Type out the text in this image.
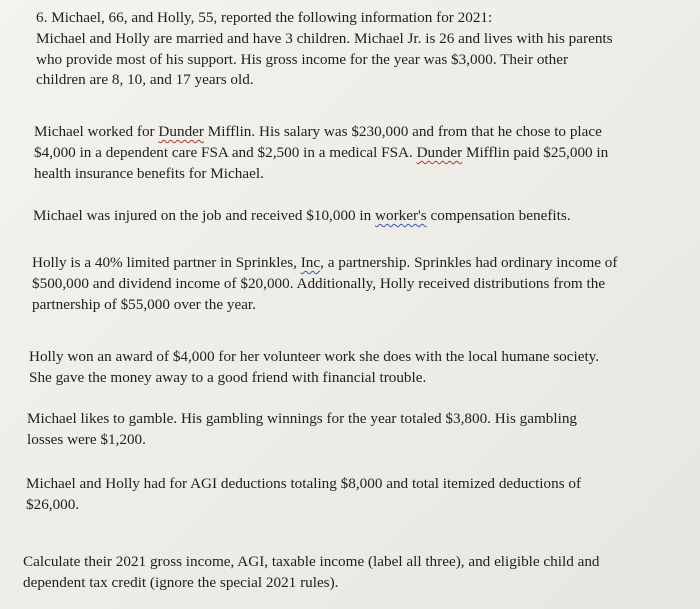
6. Michael, 66, and Holly, 55, reported the following information for 2021:
Michael and Holly are married and have 3 children. Michael Jr. is 26 and lives with his parents
who provide most of his support. His gross income for the year was $3,000. Their other
children are 8, 10, and 17 years old.

Michael worked for Dunder Mifflin. His salary was $230,000 and from that he chose to place
$4,000 in a dependent care FSA and $2,500 in a medical FSA. Dunder Mifflin paid $25,000 in
health insurance benefits for Michael.

Michael was injured on the job and received $10,000 in worker's compensation benefits.

Holly is a 40% limited partner in Sprinkles, Inc, a partnership. Sprinkles had ordinary income of
$500,000 and dividend income of $20,000. Additionally, Holly received distributions from the
partnership of $55,000 over the year.

Holly won an award of $4,000 for her volunteer work she does with the local humane society.
She gave the money away to a good friend with financial trouble.

Michael likes to gamble. His gambling winnings for the year totaled $3,800. His gambling
losses were $1,200.

Michael and Holly had for AGI deductions totaling $8,000 and total itemized deductions of
$26,000.

Calculate their 2021 gross income, AGI, taxable income (label all three), and eligible child and
dependent tax credit (ignore the special 2021 rules).
